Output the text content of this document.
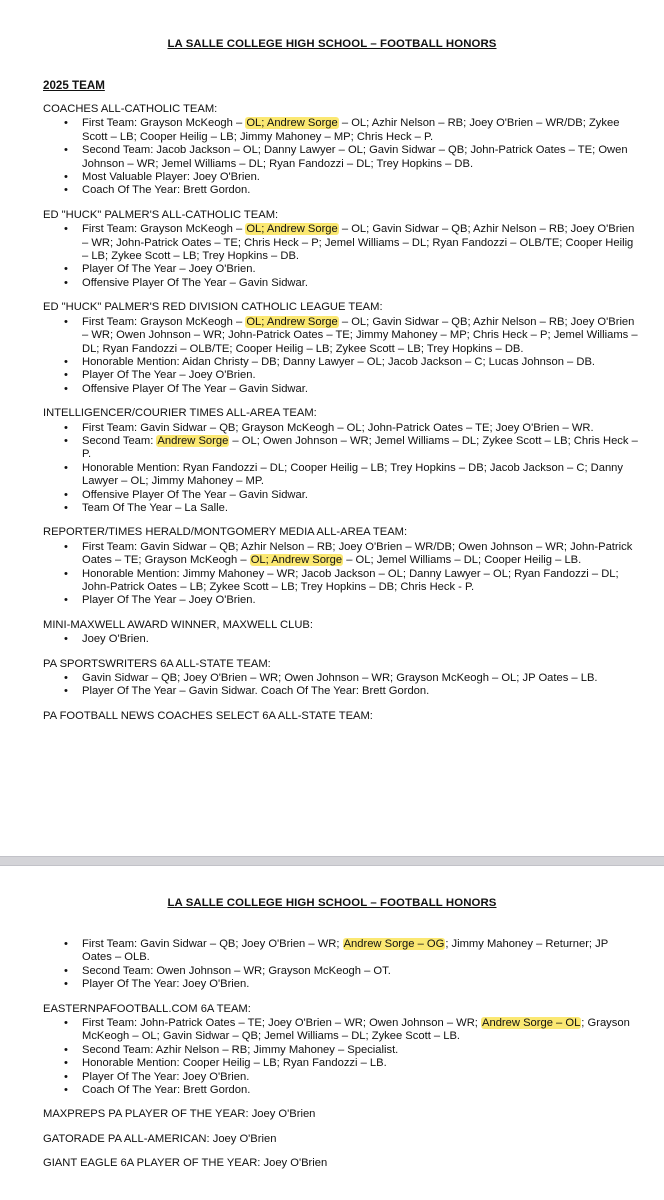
LA SALLE COLLEGE HIGH SCHOOL – FOOTBALL HONORS
2025 TEAM
COACHES ALL-CATHOLIC TEAM:
• First Team: Grayson McKeogh – OL; Andrew Sorge – OL; Azhir Nelson – RB; Joey O'Brien – WR/DB; Zykee Scott – LB; Cooper Heilig – LB; Jimmy Mahoney – MP; Chris Heck – P.
• Second Team: Jacob Jackson – OL; Danny Lawyer – OL; Gavin Sidwar – QB; John-Patrick Oates – TE; Owen Johnson – WR; Jemel Williams – DL; Ryan Fandozzi – DL; Trey Hopkins – DB.
• Most Valuable Player: Joey O'Brien.
• Coach Of The Year: Brett Gordon.
ED "HUCK" PALMER'S ALL-CATHOLIC TEAM:
• First Team: Grayson McKeogh – OL; Andrew Sorge – OL; Gavin Sidwar – QB; Azhir Nelson – RB; Joey O'Brien – WR; John-Patrick Oates – TE; Chris Heck – P; Jemel Williams – DL; Ryan Fandozzi – OLB/TE; Cooper Heilig – LB; Zykee Scott – LB; Trey Hopkins – DB.
• Player Of The Year – Joey O'Brien.
• Offensive Player Of The Year – Gavin Sidwar.
ED "HUCK" PALMER'S RED DIVISION CATHOLIC LEAGUE TEAM:
• First Team: Grayson McKeogh – OL; Andrew Sorge – OL; Gavin Sidwar – QB; Azhir Nelson – RB; Joey O'Brien – WR; Owen Johnson – WR; John-Patrick Oates – TE; Jimmy Mahoney – MP; Chris Heck – P; Jemel Williams – DL; Ryan Fandozzi – OLB/TE; Cooper Heilig – LB; Zykee Scott – LB; Trey Hopkins – DB.
• Honorable Mention: Aidan Christy – DB; Danny Lawyer – OL; Jacob Jackson – C; Lucas Johnson – DB.
• Player Of The Year – Joey O'Brien.
• Offensive Player Of The Year – Gavin Sidwar.
INTELLIGENCER/COURIER TIMES ALL-AREA TEAM:
• First Team: Gavin Sidwar – QB; Grayson McKeogh – OL; John-Patrick Oates – TE; Joey O'Brien – WR.
• Second Team: Andrew Sorge – OL; Owen Johnson – WR; Jemel Williams – DL; Zykee Scott – LB; Chris Heck – P.
• Honorable Mention: Ryan Fandozzi – DL; Cooper Heilig – LB; Trey Hopkins – DB; Jacob Jackson – C; Danny Lawyer – OL; Jimmy Mahoney – MP.
• Offensive Player Of The Year – Gavin Sidwar.
• Team Of The Year – La Salle.
REPORTER/TIMES HERALD/MONTGOMERY MEDIA ALL-AREA TEAM:
• First Team: Gavin Sidwar – QB; Azhir Nelson – RB; Joey O'Brien – WR/DB; Owen Johnson – WR; John-Patrick Oates – TE; Grayson McKeogh – OL; Andrew Sorge – OL; Jemel Williams – DL; Cooper Heilig – LB.
• Honorable Mention: Jimmy Mahoney – WR; Jacob Jackson – OL; Danny Lawyer – OL; Ryan Fandozzi – DL; John-Patrick Oates – LB; Zykee Scott – LB; Trey Hopkins – DB; Chris Heck - P.
• Player Of The Year – Joey O'Brien.
MINI-MAXWELL AWARD WINNER, MAXWELL CLUB:
• Joey O'Brien.
PA SPORTSWRITERS 6A ALL-STATE TEAM:
• Gavin Sidwar – QB; Joey O'Brien – WR; Owen Johnson – WR; Grayson McKeogh – OL; JP Oates – LB.
• Player Of The Year – Gavin Sidwar. Coach Of The Year: Brett Gordon.
PA FOOTBALL NEWS COACHES SELECT 6A ALL-STATE TEAM:
LA SALLE COLLEGE HIGH SCHOOL – FOOTBALL HONORS
• First Team: Gavin Sidwar – QB; Joey O'Brien – WR; Andrew Sorge – OG; Jimmy Mahoney – Returner; JP Oates – OLB.
• Second Team: Owen Johnson – WR; Grayson McKeogh – OT.
• Player Of The Year: Joey O'Brien.
EASTERNPAFOOTBALL.COM 6A TEAM:
• First Team: John-Patrick Oates – TE; Joey O'Brien – WR; Owen Johnson – WR; Andrew Sorge – OL; Grayson McKeogh – OL; Gavin Sidwar – QB; Jemel Williams – DL; Zykee Scott – LB.
• Second Team: Azhir Nelson – RB; Jimmy Mahoney – Specialist.
• Honorable Mention: Cooper Heilig – LB; Ryan Fandozzi – LB.
• Player Of The Year: Joey O'Brien.
• Coach Of The Year: Brett Gordon.
MAXPREPS PA PLAYER OF THE YEAR: Joey O'Brien
GATORADE PA ALL-AMERICAN: Joey O'Brien
GIANT EAGLE 6A PLAYER OF THE YEAR: Joey O'Brien
